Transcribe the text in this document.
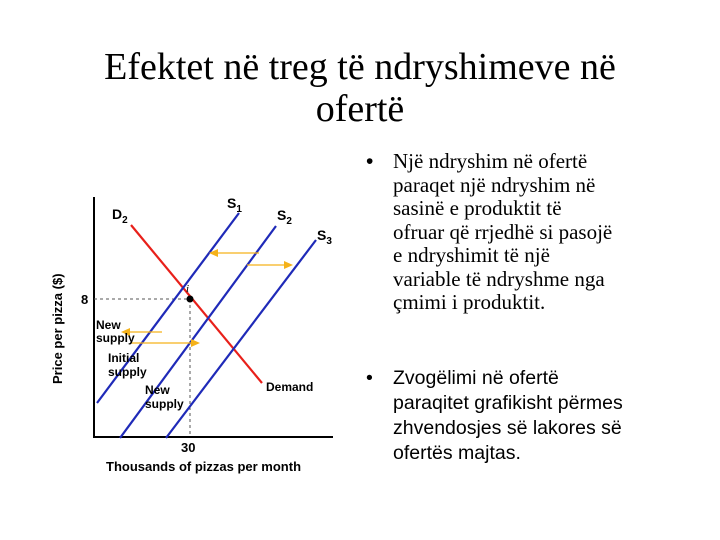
Efektet në treg të ndryshimeve në
ofertë
i
Thousands of pizzas per month
Price per pizza ($)
30
8
$D_2$
$S_1$	$S_2$
$S_3$
Demand
New supply
Initial supply
New supply
• Një ndryshim në ofertë
paraqet një ndryshim në
sasinë e produktit të
ofruar që rrjedhë si pasojë
e ndryshimit të një
variable të ndryshme nga
çmimi i produktit.
• Zvogëlimi në ofertë
paraqitet grafikisht përmes
zhvendosjes së lakores së
ofertës majtas.
